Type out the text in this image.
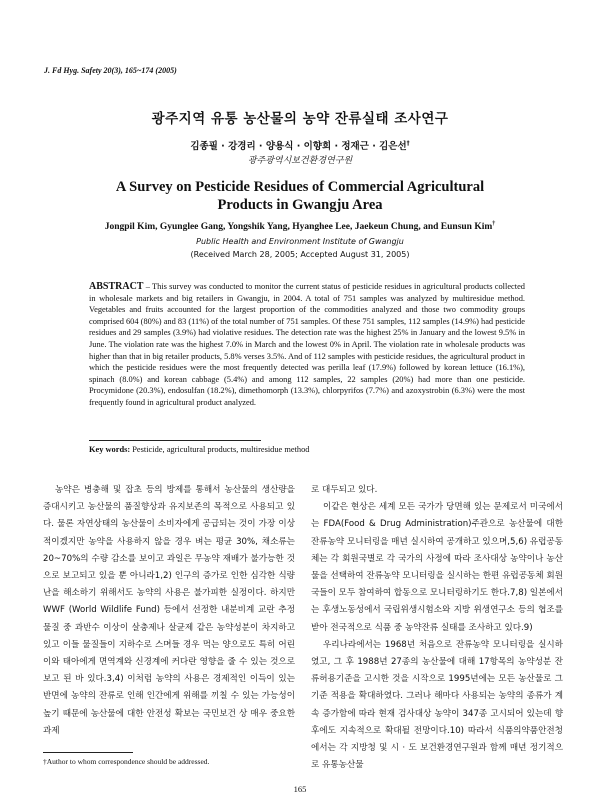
J. Fd Hyg. Safety 20(3), 165~174 (2005)
광주지역 유통 농산물의 농약 잔류실태 조사연구
김종필 · 강경리 · 양용식 · 이향희 · 정재근 · 김은선†
광주광역시보건환경연구원
A Survey on Pesticide Residues of Commercial Agricultural
Products in Gwangju Area
Jongpil Kim, Gyunglee Gang, Yongshik Yang, Hyanghee Lee, Jaekeun Chung, and Eunsun Kim†
Public Health and Environment Institute of Gwangju
(Received March 28, 2005; Accepted August 31, 2005)
ABSTRACT – This survey was conducted to monitor the current status of pesticide residues in agricultural products collected in wholesale markets and big retailers in Gwangju, in 2004. A total of 751 samples was analyzed by multiresidue method. Vegetables and fruits accounted for the largest proportion of the commodities analyzed and those two commodity groups comprised 604 (80%) and 83 (11%) of the total number of 751 samples. Of these 751 samples, 112 samples (14.9%) had pesticide residues and 29 samples (3.9%) had violative residues. The detection rate was the highest 25% in January and the lowest 9.5% in June. The violation rate was the highest 7.0% in March and the lowest 0% in April. The violation rate in wholesale products was higher than that in big retailer products, 5.8% verses 3.5%. And of 112 samples with pesticide residues, the agricultural product in which the pesticide residues were the most frequently detected was perilla leaf (17.9%) followed by korean lettuce (16.1%), spinach (8.0%) and korean cabbage (5.4%) and among 112 samples, 22 samples (20%) had more than one pesticide. Procymidone (20.3%), endosulfan (18.2%), dimethomorph (13.3%), chlorpyrifos (7.7%) and azoxystrobin (6.3%) were the most frequently found in agricultural product analyzed.
Key words: Pesticide, agricultural products, multiresidue method

농약은 병충해 및 잡초 등의 방제를 통해서 농산물의 생산량을 증대시키고 농산물의 품질향상과 유지보존의 목적으로 사용되고 있다. 물론 자연상태의 농산물이 소비자에게 공급되는 것이 가장 이상적이겠지만 농약을 사용하지 않을 경우 벼는 평균 30%, 채소류는 20~70%의 수량 감소를 보이고 과일은 무농약 재배가 불가능한 것으로 보고되고 있을 뿐 아니라1,2) 인구의 증가로 인한 심각한 식량난을 해소하기 위해서도 농약의 사용은 불가피한 실정이다. 하지만 WWF (World Wildlife Fund) 등에서 선정한 내분비계 교란 추정물질 중 과반수 이상이 살충제나 살균제 같은 농약성분이 차지하고 있고 이들 물질들이 지하수로 스며들 경우 먹는 양으로도 특히 어린이와 태아에게 면역계와 신경계에 커다란 영향을 줄 수 있는 것으로 보고 된 바 있다.3,4) 이처럼 농약의 사용은 경제적인 이득이 있는 반면에 농약의 잔류로 인해 인간에게 위해를 끼칠 수 있는 가능성이 높기 때문에 농산물에 대한 안전성 확보는 국민보건 상 매우 중요한 과제

로 대두되고 있다.

이같은 현상은 세계 모든 국가가 당면해 있는 문제로서 미국에서는 FDA(Food & Drug Administration)주관으로 농산물에 대한 잔류농약 모니터링을 매년 실시하여 공개하고 있으며,5,6) 유럽공동체는 각 회원국별로 각 국가의 사정에 따라 조사대상 농약이나 농산물을 선택하여 잔류농약 모니터링을 실시하는 한편 유럽공동체 회원국들이 모두 참여하여 합동으로 모니터링하기도 한다.7,8) 일본에서는 후생노동성에서 국립위생시험소와 지방 위생연구소 등의 협조를 받아 전국적으로 식품 중 농약잔류 실태를 조사하고 있다.9)

우리나라에서는 1968년 처음으로 잔류농약 모니터링을 실시하였고, 그 후 1988년 27종의 농산물에 대해 17항목의 농약성분 잔류허용기준을 고시한 것을 시작으로 1995년에는 모든 농산물로 그 기준 적용을 확대하였다. 그러나 해마다 사용되는 농약의 종류가 계속 증가함에 따라 현재 검사대상 농약이 347종 고시되어 있는데 향후에도 지속적으로 확대될 전망이다.10) 따라서 식품의약품안전청에서는 각 지방청 및 시 · 도 보건환경연구원과 함께 매년 정기적으로 유통농산물

†Author to whom correspondence should be addressed.
165
